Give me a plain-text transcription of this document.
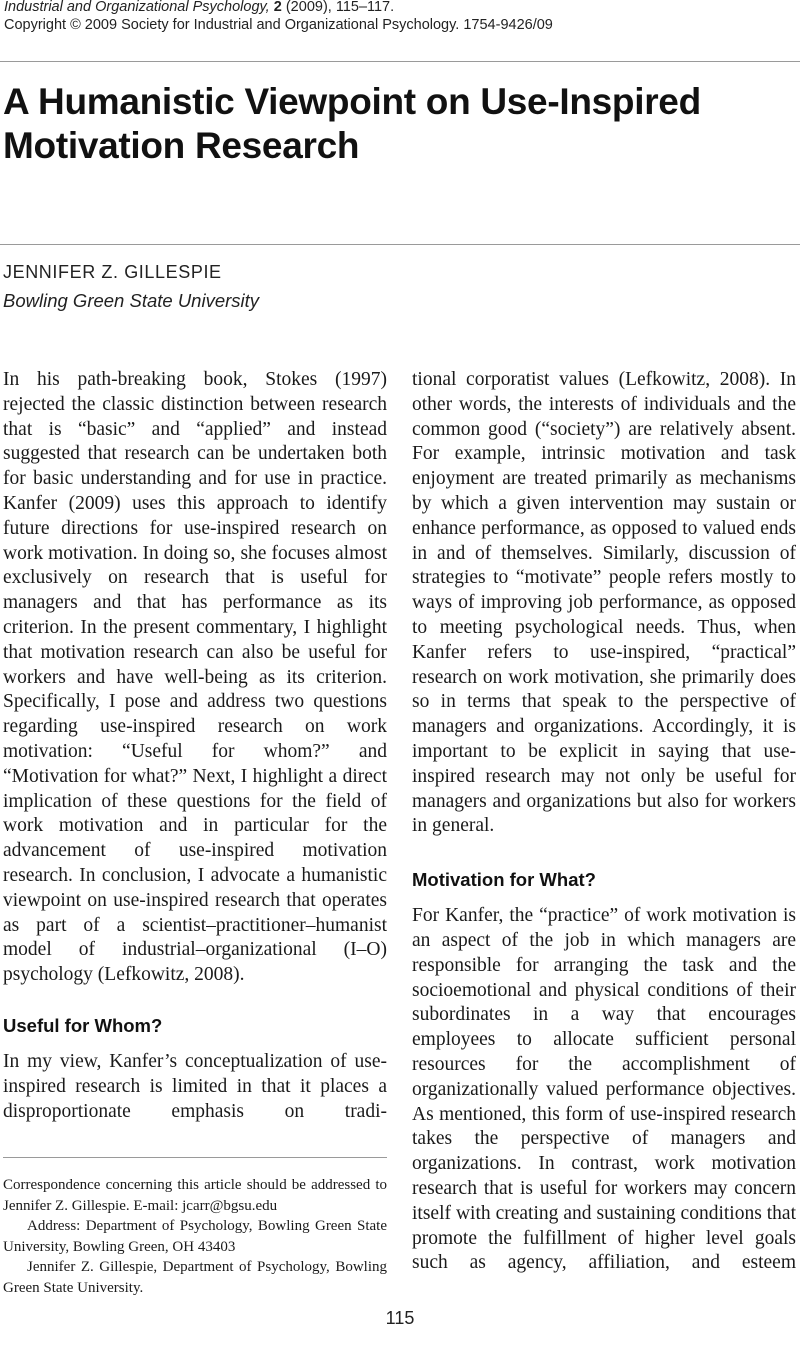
Industrial and Organizational Psychology, 2 (2009), 115–117.
Copyright © 2009 Society for Industrial and Organizational Psychology. 1754-9426/09
A Humanistic Viewpoint on Use-Inspired
Motivation Research
JENNIFER Z. GILLESPIE
Bowling Green State University

In his path-breaking book, Stokes (1997) rejected the classic distinction between research that is “basic” and “applied” and instead suggested that research can be undertaken both for basic understanding and for use in practice. Kanfer (2009) uses this approach to identify future directions for use-inspired research on work motivation. In doing so, she focuses almost exclusively on research that is useful for managers and that has performance as its criterion. In the present commentary, I highlight that motivation research can also be useful for workers and have well-being as its criterion. Specifically, I pose and address two questions regarding use-inspired research on work motivation: “Useful for whom?” and “Motivation for what?” Next, I highlight a direct implication of these questions for the field of work motivation and in particular for the advancement of use-inspired motivation research. In conclusion, I advocate a humanistic viewpoint on use-inspired research that operates as part of a scientist–practitioner–humanist model of industrial–organizational (I–O) psychology (Lefkowitz, 2008).

Useful for Whom?

In my view, Kanfer’s conceptualization of use-inspired research is limited in that it places a disproportionate emphasis on tradi-

tional corporatist values (Lefkowitz, 2008). In other words, the interests of individuals and the common good (“society”) are relatively absent. For example, intrinsic motivation and task enjoyment are treated primarily as mechanisms by which a given intervention may sustain or enhance performance, as opposed to valued ends in and of themselves. Similarly, discussion of strategies to “motivate” people refers mostly to ways of improving job performance, as opposed to meeting psychological needs. Thus, when Kanfer refers to use-inspired, “practical” research on work motivation, she primarily does so in terms that speak to the perspective of managers and organizations. Accordingly, it is important to be explicit in saying that use-inspired research may not only be useful for managers and organizations but also for workers in general.

Motivation for What?

For Kanfer, the “practice” of work motivation is an aspect of the job in which managers are responsible for arranging the task and the socioemotional and physical conditions of their subordinates in a way that encourages employees to allocate sufficient personal resources for the accomplishment of organizationally valued performance objectives. As mentioned, this form of use-inspired research takes the perspective of managers and organizations. In contrast, work motivation research that is useful for workers may concern itself with creating and sustaining conditions that promote the fulfillment of higher level goals such as agency, affiliation, and esteem

Correspondence concerning this article should be addressed to Jennifer Z. Gillespie. E-mail: jcarr@bgsu.edu

Address: Department of Psychology, Bowling Green State University, Bowling Green, OH 43403

Jennifer Z. Gillespie, Department of Psychology, Bowling Green State University.

115
